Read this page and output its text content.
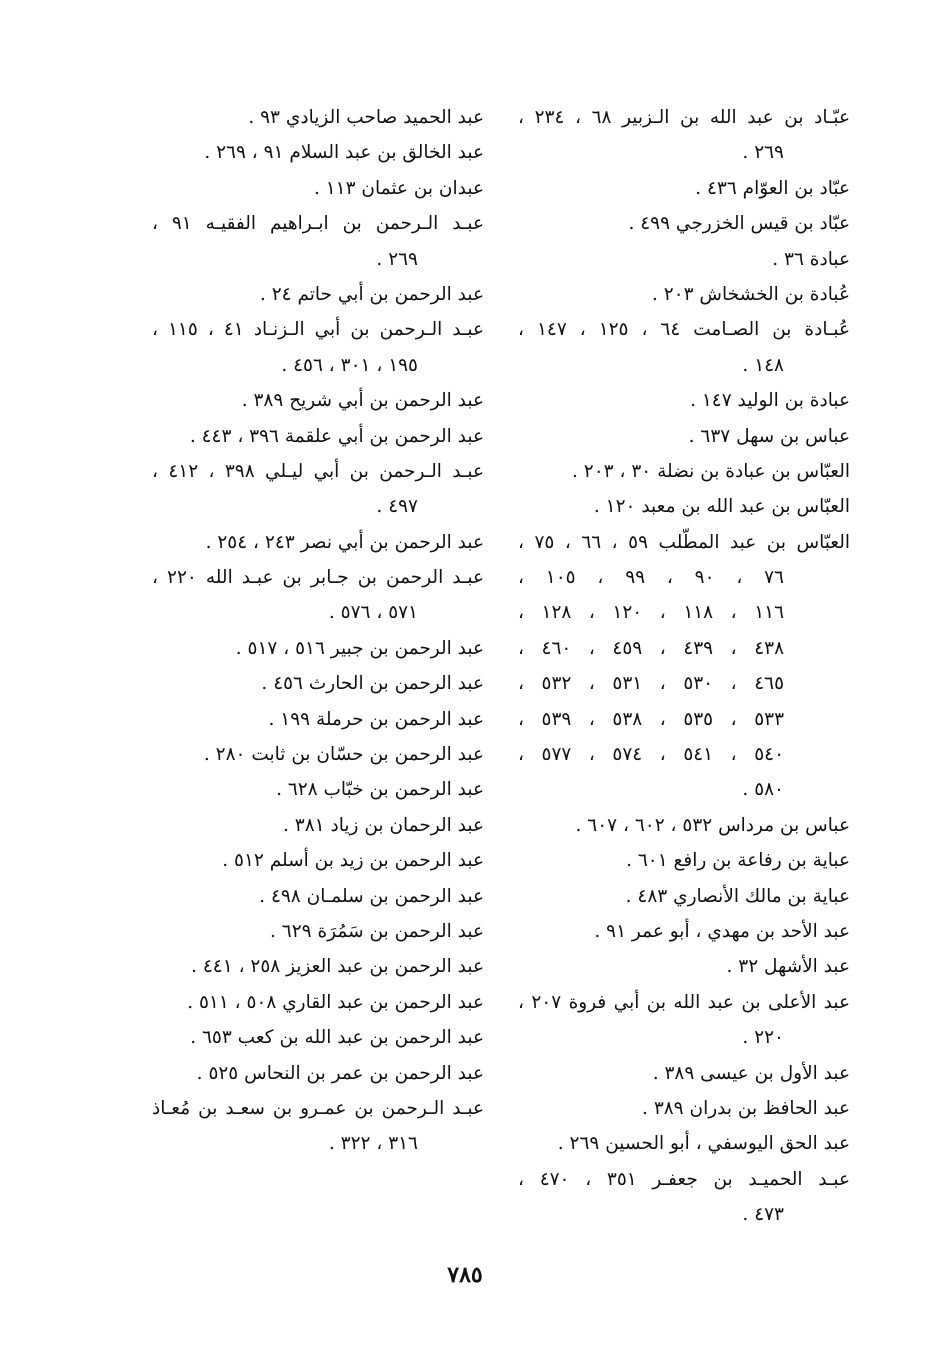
عبّـاد بن عبد الله بن الـزبير ٦٨ ، ٢٣٤ ،
٢٦٩ .
عبّاد بن العوّام ٤٣٦ .
عبّاد بن قيس الخزرجي ٤٩٩ .
عبادة ٣٦ .
عُبادة بن الخشخاش ٢٠٣ .
عُبـادة بن الصـامت ٦٤ ، ١٢٥ ، ١٤٧ ،
١٤٨ .
عبادة بن الوليد ١٤٧ .
عباس بن سهل ٦٣٧ .
العبّاس بن عبادة بن نضلة ٣٠ ، ٢٠٣ .
العبّاس بن عبد الله بن معبد ١٢٠ .
العبّاس بن عبد المطّلب ٥٩ ، ٦٦ ، ٧٥ ،
٧٦ ، ٩٠ ، ٩٩ ، ١٠٥ ،
١١٦ ، ١١٨ ، ١٢٠ ، ١٢٨ ،
٤٣٨ ، ٤٣٩ ، ٤٥٩ ، ٤٦٠ ،
٤٦٥ ، ٥٣٠ ، ٥٣١ ، ٥٣٢ ،
٥٣٣ ، ٥٣٥ ، ٥٣٨ ، ٥٣٩ ،
٥٤٠ ، ٥٤١ ، ٥٧٤ ، ٥٧٧ ،
٥٨٠ .
عباس بن مرداس ٥٣٢ ، ٦٠٢ ، ٦٠٧ .
عباية بن رفاعة بن رافع ٦٠١ .
عباية بن مالك الأنصاري ٤٨٣ .
عبد الأحد بن مهدي ، أبو عمر ٩١ .
عبد الأشهل ٣٢ .
عبد الأعلى بن عبد الله بن أبي فروة ٢٠٧ ،
٢٢٠ .
عبد الأول بن عيسى ٣٨٩ .
عبد الحافظ بن بدران ٣٨٩ .
عبد الحق اليوسفي ، أبو الحسين ٢٦٩ .
عبـد الحميـد بن جعفـر ٣٥١ ، ٤٧٠ ،
٤٧٣ .
عبد الحميد صاحب الزيادي ٩٣ .
عبد الخالق بن عبد السلام ٩١ ، ٢٦٩ .
عبدان بن عثمان ١١٣ .
عبـد الـرحمن بن ابـراهيم الفقيـه ٩١ ،
٢٦٩ .
عبد الرحمن بن أبي حاتم ٢٤ .
عبـد الـرحمن بن أبي الـزنـاد ٤١ ، ١١٥ ،
١٩٥ ، ٣٠١ ، ٤٥٦ .
عبد الرحمن بن أبي شريح ٣٨٩ .
عبد الرحمن بن أبي علقمة ٣٩٦ ، ٤٤٣ .
عبـد الـرحمن بن أبي ليـلي ٣٩٨ ، ٤١٢ ،
٤٩٧ .
عبد الرحمن بن أبي نصر ٢٤٣ ، ٢٥٤ .
عبـد الرحمن بن جـابر بن عبـد الله ٢٢٠ ،
٥٧١ ، ٥٧٦ .
عبد الرحمن بن جبير ٥١٦ ، ٥١٧ .
عبد الرحمن بن الحارث ٤٥٦ .
عبد الرحمن بن حرملة ١٩٩ .
عبد الرحمن بن حسّان بن ثابت ٢٨٠ .
عبد الرحمن بن خبّاب ٦٢٨ .
عبد الرحمان بن زياد ٣٨١ .
عبد الرحمن بن زيد بن أسلم ٥١٢ .
عبد الرحمن بن سلمـان ٤٩٨ .
عبد الرحمن بن سَمُرَة ٦٢٩ .
عبد الرحمن بن عبد العزيز ٢٥٨ ، ٤٤١ .
عبد الرحمن بن عبد القاري ٥٠٨ ، ٥١١ .
عبد الرحمن بن عبد الله بن كعب ٦٥٣ .
عبد الرحمن بن عمر بن النحاس ٥٢٥ .
عبـد الـرحمن بن عمـرو بن سعـد بن مُعـاذ
٣١٦ ، ٣٢٢ .
٧٨٥
